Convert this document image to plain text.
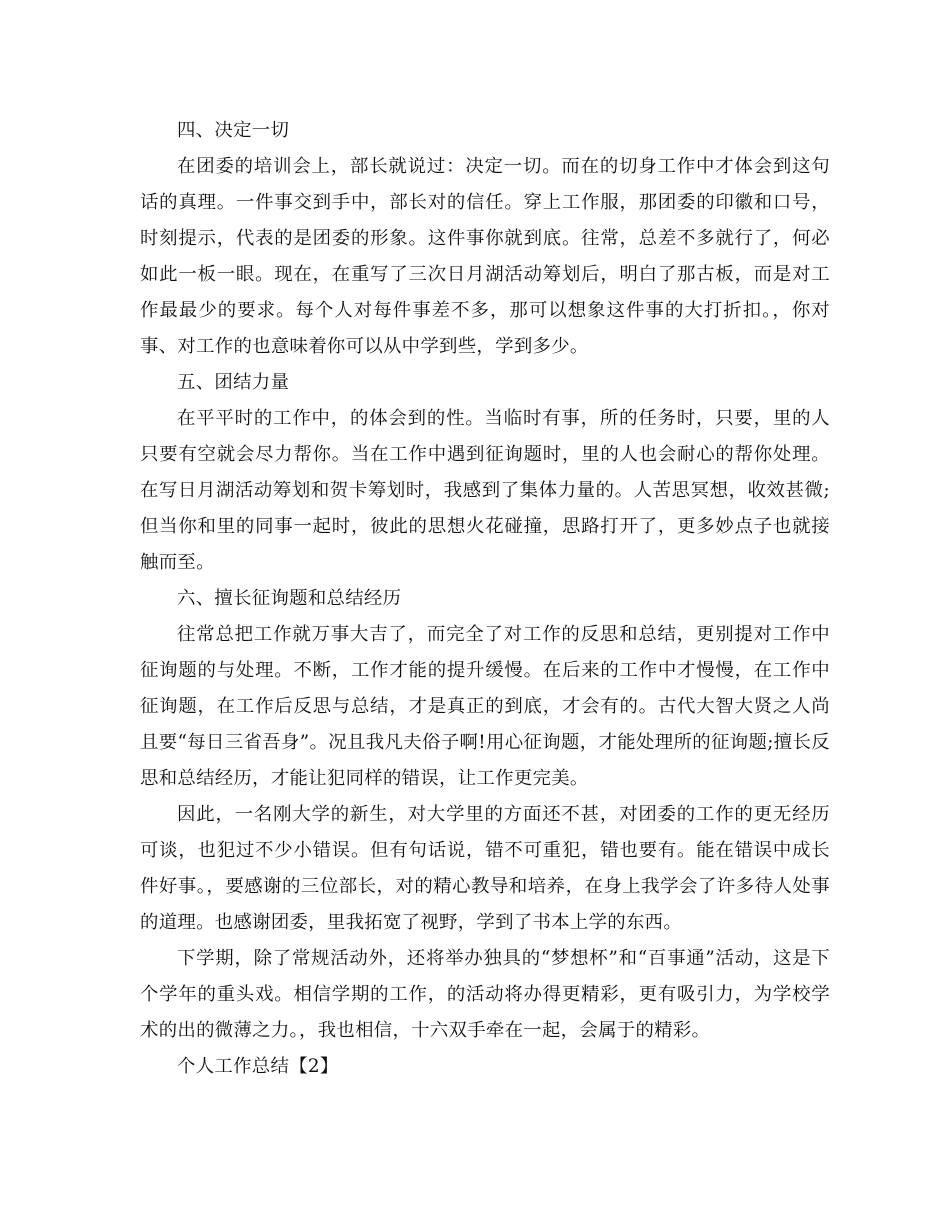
四、决定一切

在团委的培训会上，部长就说过：决定一切。而在的切身工作中才体会到这句话的真理。一件事交到手中，部长对的信任。穿上工作服，那团委的印徽和口号，时刻提示，代表的是团委的形象。这件事你就到底。往常，总差不多就行了，何必如此一板一眼。现在，在重写了三次日月湖活动筹划后，明白了那古板，而是对工作最最少的要求。每个人对每件事差不多，那可以想象这件事的大打折扣。，你对事、对工作的也意味着你可以从中学到些，学到多少。

五、团结力量

在平平时的工作中，的体会到的性。当临时有事，所的任务时，只要，里的人只要有空就会尽力帮你。当在工作中遇到征询题时，里的人也会耐心的帮你处理。在写日月湖活动筹划和贺卡筹划时，我感到了集体力量的。人苦思冥想，收效甚微;但当你和里的同事一起时，彼此的思想火花碰撞，思路打开了，更多妙点子也就接触而至。

六、擅长征询题和总结经历

往常总把工作就万事大吉了，而完全了对工作的反思和总结，更别提对工作中征询题的与处理。不断，工作才能的提升缓慢。在后来的工作中才慢慢，在工作中征询题，在工作后反思与总结，才是真正的到底，才会有的。古代大智大贤之人尚且要“每日三省吾身”。况且我凡夫俗子啊!用心征询题，才能处理所的征询题;擅长反思和总结经历，才能让犯同样的错误，让工作更完美。

因此，一名刚大学的新生，对大学里的方面还不甚，对团委的工作的更无经历可谈，也犯过不少小错误。但有句话说，错不可重犯，错也要有。能在错误中成长件好事。，要感谢的三位部长，对的精心教导和培养，在身上我学会了许多待人处事的道理。也感谢团委，里我拓宽了视野，学到了书本上学的东西。

下学期，除了常规活动外，还将举办独具的“梦想杯”和“百事通”活动，这是下个学年的重头戏。相信学期的工作，的活动将办得更精彩，更有吸引力，为学校学术的出的微薄之力。，我也相信，十六双手牵在一起，会属于的精彩。

个人工作总结【2】
